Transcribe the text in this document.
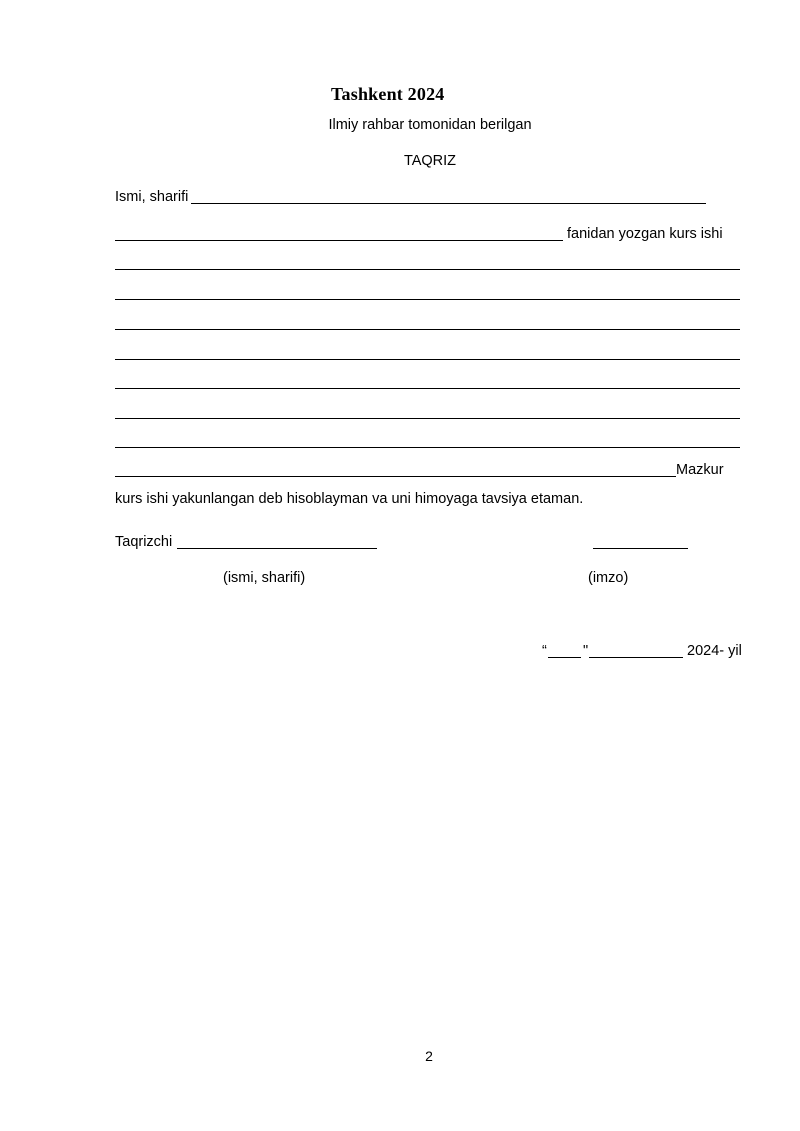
Tashkent 2024
Ilmiy rahbar tomonidan berilgan
TAQRIZ
Ismi, sharifi
fanidan yozgan kurs ishi
Mazkur
kurs ishi yakunlangan deb hisoblayman va uni himoyaga tavsiya etaman.
Taqrizchi
(ismi, sharifi)	(imzo)
“ "	2024- yil
2
